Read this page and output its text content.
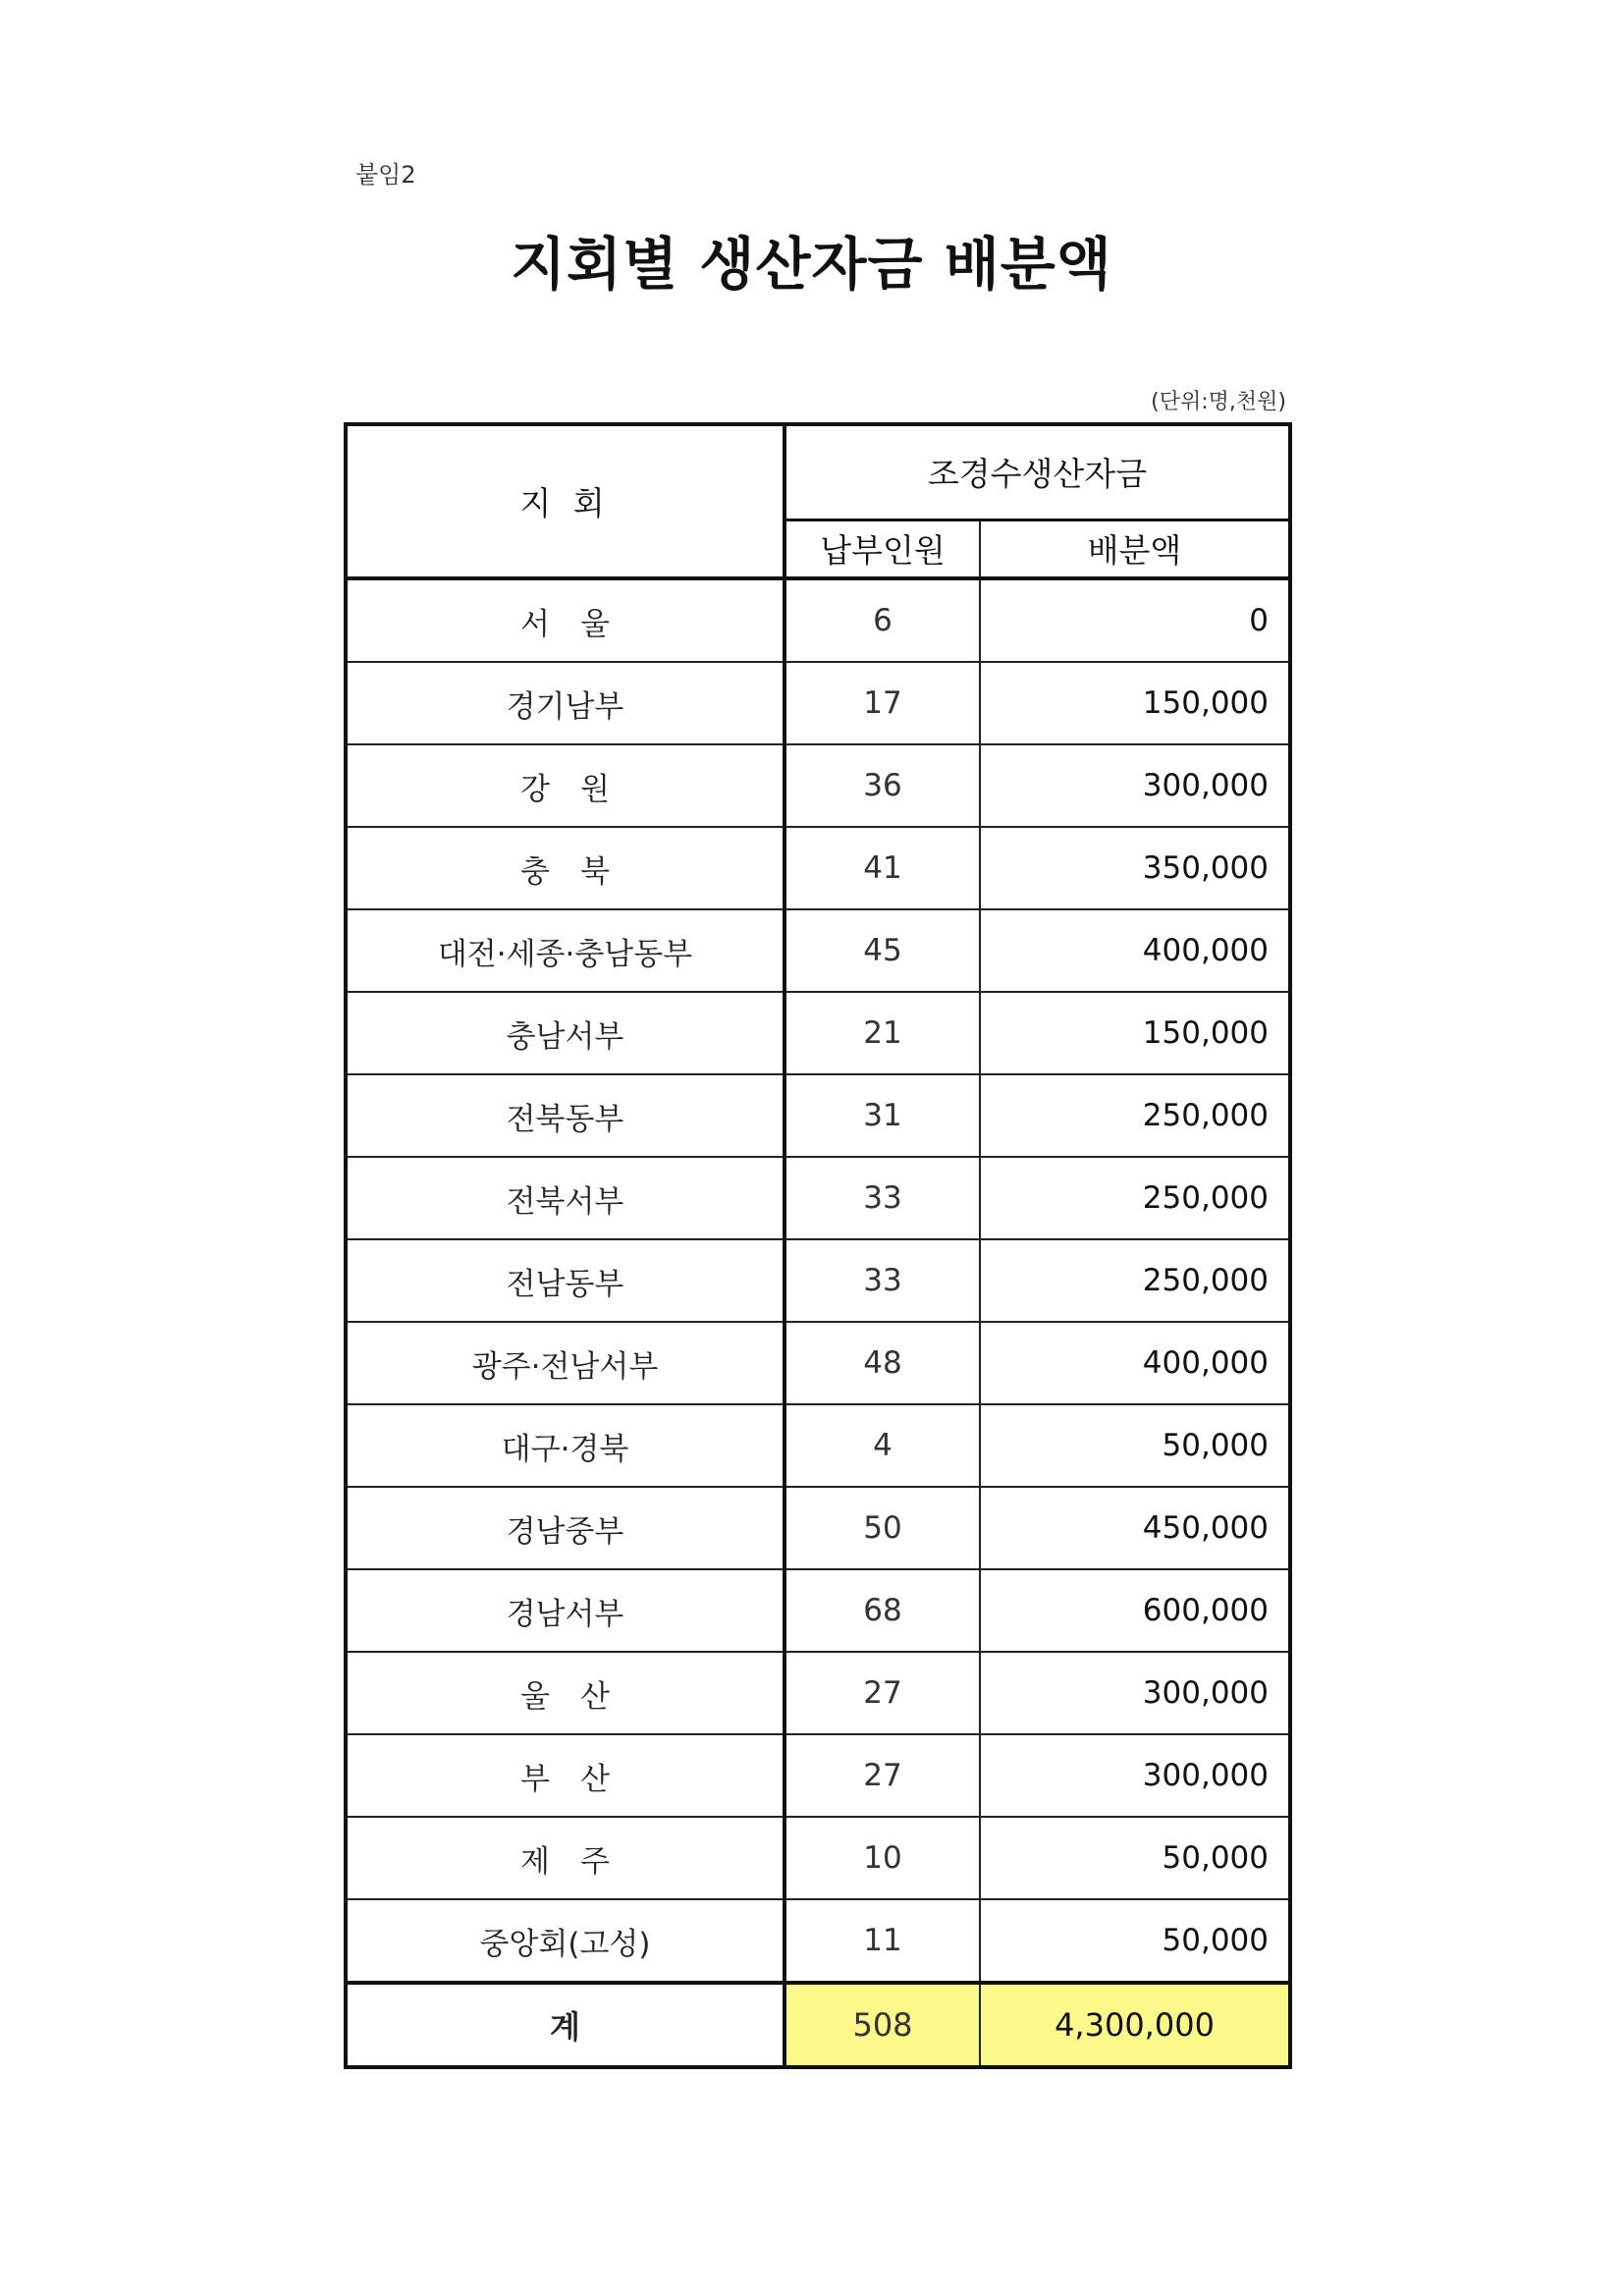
붙임2
지회별 생산자금 배분액
(단위:명,천원)
지 회	조경수생산자금	
	납부인원	배분액
서　울	6	0
경기남부	17	150,000
강　원	36	300,000
충　북	41	350,000
대전·세종·충남동부	45	400,000
충남서부	21	150,000
전북동부	31	250,000
전북서부	33	250,000
전남동부	33	250,000
광주·전남서부	48	400,000
대구·경북	4	50,000
경남중부	50	450,000
경남서부	68	600,000
울　산	27	300,000
부　산	27	300,000
제　주	10	50,000
중앙회(고성)	11	50,000
계	508	4,300,000
